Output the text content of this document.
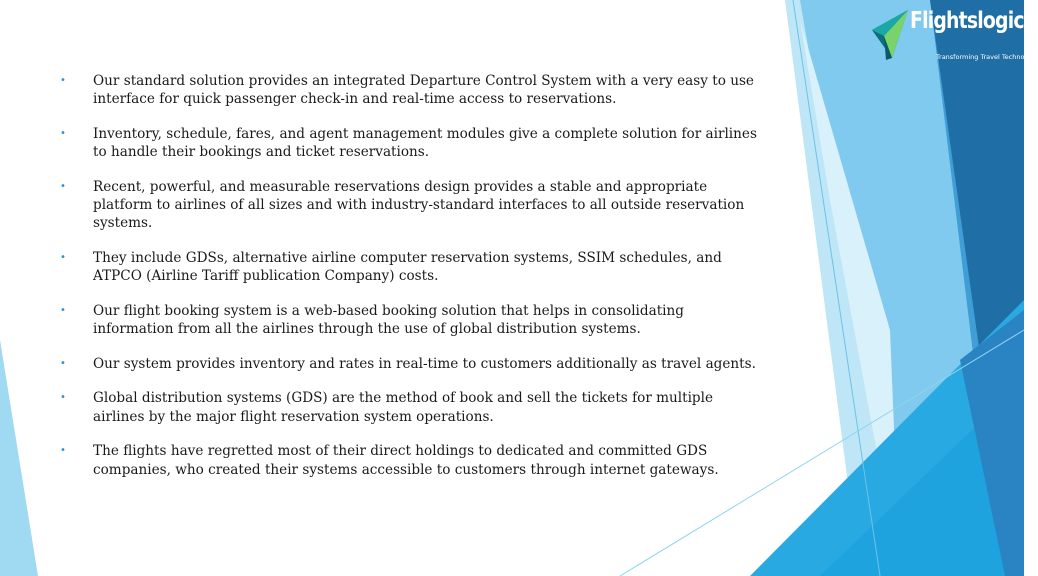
Flightslogic
Transforming Travel Technology
• Our standard solution provides an integrated Departure Control System with a very easy to use interface for quick passenger check-in and real-time access to reservations.
• Inventory, schedule, fares, and agent management modules give a complete solution for airlines to handle their bookings and ticket reservations.
• Recent, powerful, and measurable reservations design provides a stable and appropriate platform to airlines of all sizes and with industry-standard interfaces to all outside reservation systems.
• They include GDSs, alternative airline computer reservation systems, SSIM schedules, and ATPCO (Airline Tariff publication Company) costs.
• Our flight booking system is a web-based booking solution that helps in consolidating information from all the airlines through the use of global distribution systems.
• Our system provides inventory and rates in real-time to customers additionally as travel agents.
• Global distribution systems (GDS) are the method of book and sell the tickets for multiple airlines by the major flight reservation system operations.
• The flights have regretted most of their direct holdings to dedicated and committed GDS companies, who created their systems accessible to customers through internet gateways.
